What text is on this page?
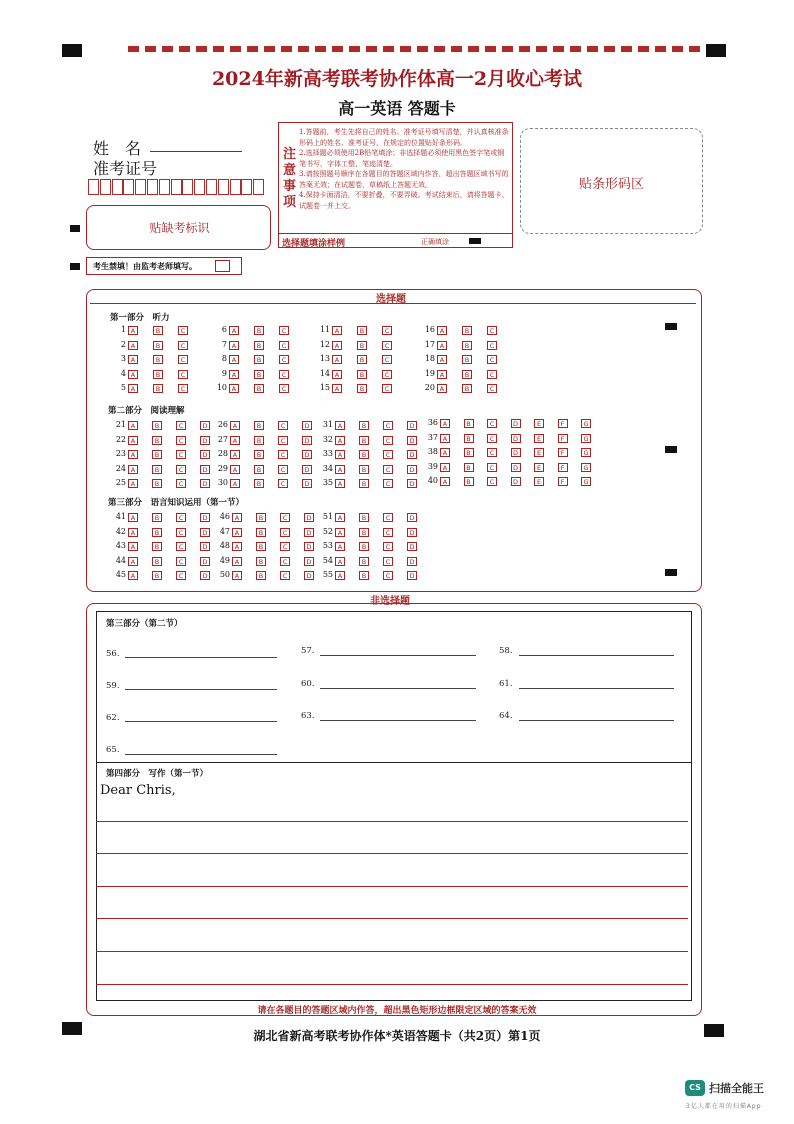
2024年新高考联考协作体高一2月收心考试
高一英语 答题卡
姓　名
准考证号
贴缺考标识
注意事项
1.答题前，考生先将自己的姓名、准考证号填写清楚，并认真核准条形码上的姓名、准考证号，在规定的位置贴好条形码。
2.选择题必须使用2B铅笔填涂；非选择题必须使用黑色签字笔或钢笔书写，字体工整、笔迹清楚。
3.请按照题号顺序在各题目的答题区域内作答，超出答题区域书写的答案无效；在试题卷、草稿纸上答题无效。
4.保持卡面清洁，不要折叠，不要弄破。考试结束后，请将答题卡、试题卷一并上交。
选择题填涂样例	正确填涂
贴条形码区
考生禁填！由监考老师填写。
选择题
第一部分　听力
第二部分　阅读理解
第三部分　语言知识运用（第一节）
1 A	B	C
2 A	B	C
3 A	B	C
4 A	B	C
5 A	B	C
6 A	B	C
7 A	B	C
8 A	B	C
9 A	B	C
10 A	B	C
11 A	B	C
12 A	B	C
13 A	B	C
14 A	B	C
15 A	B	C
16 A	B	C
17 A	B	C
18 A	B	C
19 A	B	C
20 A	B	C
21 A	B	C	D
22 A	B	C	D
23 A	B	C	D
24 A	B	C	D
25 A	B	C	D
26 A	B	C	D
27 A	B	C	D
28 A	B	C	D
29 A	B	C	D
30 A	B	C	D
31 A	B	C	D
32 A	B	C	D
33 A	B	C	D
34 A	B	C	D
35 A	B	C	D
36 A	B	C	D	E	F	G
37 A	B	C	D	E	F	G
38 A	B	C	D	E	F	G
39 A	B	C	D	E	F	G
40 A	B	C	D	E	F	G
41 A	B	C	D
42 A	B	C	D
43 A	B	C	D
44 A	B	C	D
45 A	B	C	D
46 A	B	C	D
47 A	B	C	D
48 A	B	C	D
49 A	B	C	D
50 A	B	C	D
51 A	B	C	D
52 A	B	C	D
53 A	B	C	D
54 A	B	C	D
55 A	B	C	D
非选择题
第三部分（第二节）
56.	57.	58.
59.	60.	61.
62.	63.	64.
65.
第四部分　写作（第一节）
Dear Chris,
请在各题目的答题区域内作答，超出黑色矩形边框限定区域的答案无效
湖北省新高考联考协作体*英语答题卡（共2页）第1页
CS 扫描全能王
3亿人都在用的扫描App
